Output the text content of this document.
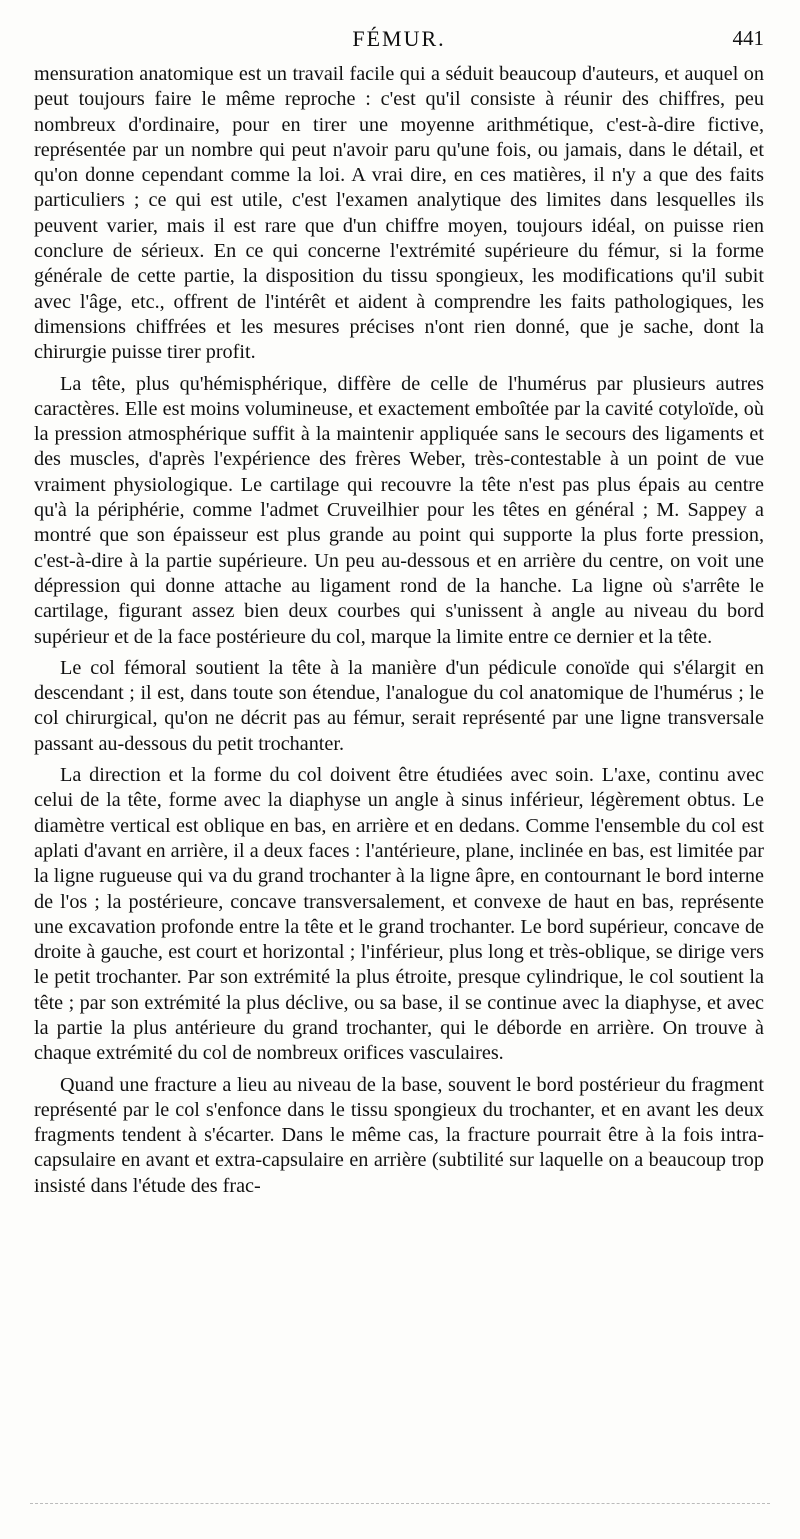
FÉMUR.	441

mensuration anatomique est un travail facile qui a séduit beaucoup d'auteurs, et auquel on peut toujours faire le même reproche : c'est qu'il consiste à réunir des chiffres, peu nombreux d'ordinaire, pour en tirer une moyenne arithmétique, c'est-à-dire fictive, représentée par un nombre qui peut n'avoir paru qu'une fois, ou jamais, dans le détail, et qu'on donne cependant comme la loi. A vrai dire, en ces matières, il n'y a que des faits particuliers ; ce qui est utile, c'est l'examen analytique des limites dans lesquelles ils peuvent varier, mais il est rare que d'un chiffre moyen, toujours idéal, on puisse rien conclure de sérieux. En ce qui concerne l'extrémité supérieure du fémur, si la forme générale de cette partie, la disposition du tissu spongieux, les modifications qu'il subit avec l'âge, etc., offrent de l'intérêt et aident à comprendre les faits pathologiques, les dimensions chiffrées et les mesures précises n'ont rien donné, que je sache, dont la chirurgie puisse tirer profit.

La tête, plus qu'hémisphérique, diffère de celle de l'humérus par plusieurs autres caractères. Elle est moins volumineuse, et exactement emboîtée par la cavité cotyloïde, où la pression atmosphérique suffit à la maintenir appliquée sans le secours des ligaments et des muscles, d'après l'expérience des frères Weber, très-contestable à un point de vue vraiment physiologique. Le cartilage qui recouvre la tête n'est pas plus épais au centre qu'à la périphérie, comme l'admet Cruveilhier pour les têtes en général ; M. Sappey a montré que son épaisseur est plus grande au point qui supporte la plus forte pression, c'est-à-dire à la partie supérieure. Un peu au-dessous et en arrière du centre, on voit une dépression qui donne attache au ligament rond de la hanche. La ligne où s'arrête le cartilage, figurant assez bien deux courbes qui s'unissent à angle au niveau du bord supérieur et de la face postérieure du col, marque la limite entre ce dernier et la tête.

Le col fémoral soutient la tête à la manière d'un pédicule conoïde qui s'élargit en descendant ; il est, dans toute son étendue, l'analogue du col anatomique de l'humérus ; le col chirurgical, qu'on ne décrit pas au fémur, serait représenté par une ligne transversale passant au-dessous du petit trochanter.

La direction et la forme du col doivent être étudiées avec soin. L'axe, continu avec celui de la tête, forme avec la diaphyse un angle à sinus inférieur, légèrement obtus. Le diamètre vertical est oblique en bas, en arrière et en dedans. Comme l'ensemble du col est aplati d'avant en arrière, il a deux faces : l'antérieure, plane, inclinée en bas, est limitée par la ligne rugueuse qui va du grand trochanter à la ligne âpre, en contournant le bord interne de l'os ; la postérieure, concave transversalement, et convexe de haut en bas, représente une excavation profonde entre la tête et le grand trochanter. Le bord supérieur, concave de droite à gauche, est court et horizontal ; l'inférieur, plus long et très-oblique, se dirige vers le petit trochanter. Par son extrémité la plus étroite, presque cylindrique, le col soutient la tête ; par son extrémité la plus déclive, ou sa base, il se continue avec la diaphyse, et avec la partie la plus antérieure du grand trochanter, qui le déborde en arrière. On trouve à chaque extrémité du col de nombreux orifices vasculaires.

Quand une fracture a lieu au niveau de la base, souvent le bord postérieur du fragment représenté par le col s'enfonce dans le tissu spongieux du trochanter, et en avant les deux fragments tendent à s'écarter. Dans le même cas, la fracture pourrait être à la fois intra-capsulaire en avant et extra-capsulaire en arrière (subtilité sur laquelle on a beaucoup trop insisté dans l'étude des frac-
